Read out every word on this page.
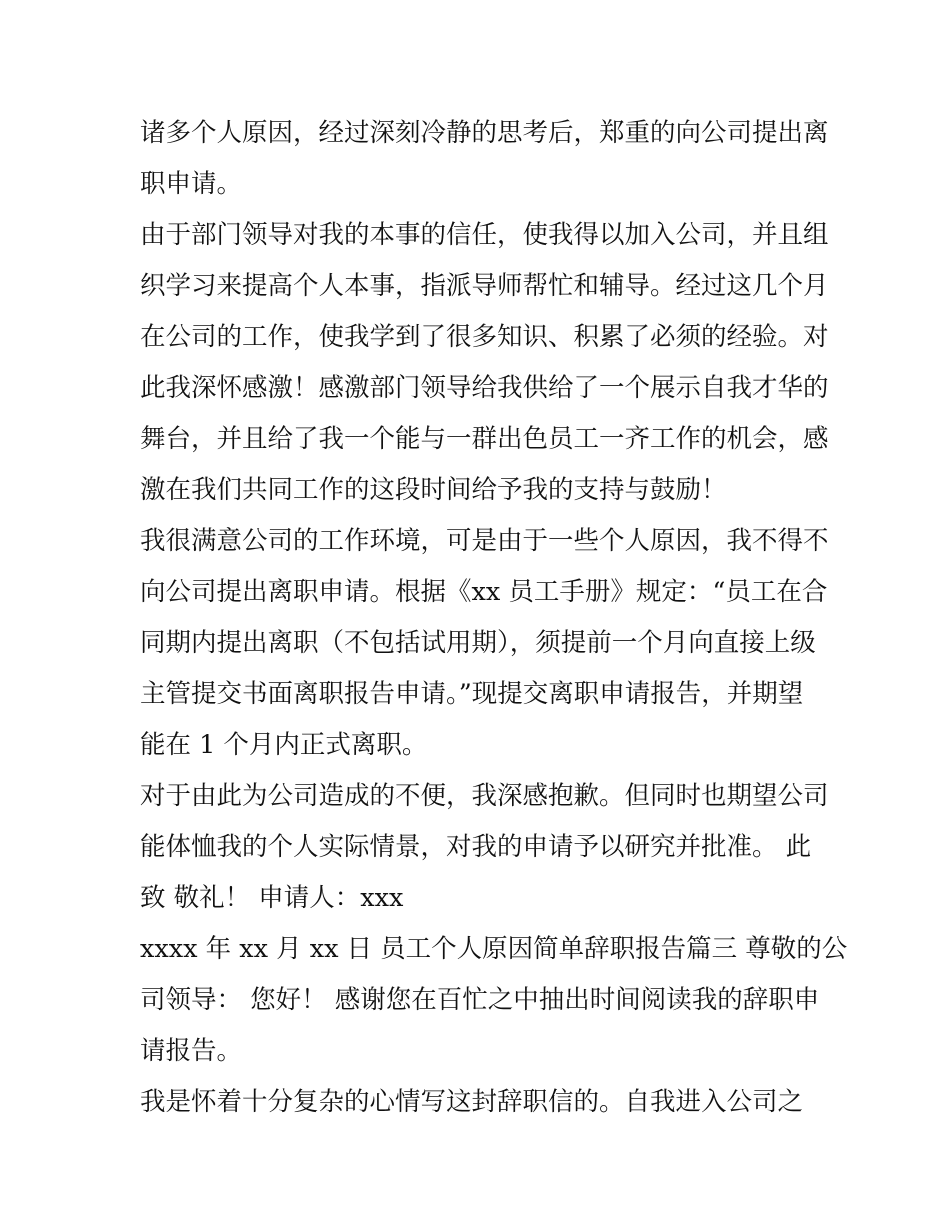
诸多个人原因，经过深刻冷静的思考后，郑重的向公司提出离
职申请。
由于部门领导对我的本事的信任，使我得以加入公司，并且组
织学习来提高个人本事，指派导师帮忙和辅导。经过这几个月
在公司的工作，使我学到了很多知识、积累了必须的经验。对
此我深怀感激！感激部门领导给我供给了一个展示自我才华的
舞台，并且给了我一个能与一群出色员工一齐工作的机会，感
激在我们共同工作的这段时间给予我的支持与鼓励！
我很满意公司的工作环境，可是由于一些个人原因，我不得不
向公司提出离职申请。根据《xx 员工手册》规定：“员工在合
同期内提出离职（不包括试用期），须提前一个月向直接上级
主管提交书面离职报告申请。”现提交离职申请报告，并期望
能在 1 个月内正式离职。
对于由此为公司造成的不便，我深感抱歉。但同时也期望公司
能体恤我的个人实际情景，对我的申请予以研究并批准。 此
致 敬礼！ 申请人：xxx
xxxx 年 xx 月 xx 日 员工个人原因简单辞职报告篇三 尊敬的公
司领导： 您好！ 感谢您在百忙之中抽出时间阅读我的辞职申
请报告。
我是怀着十分复杂的心情写这封辞职信的。自我进入公司之
